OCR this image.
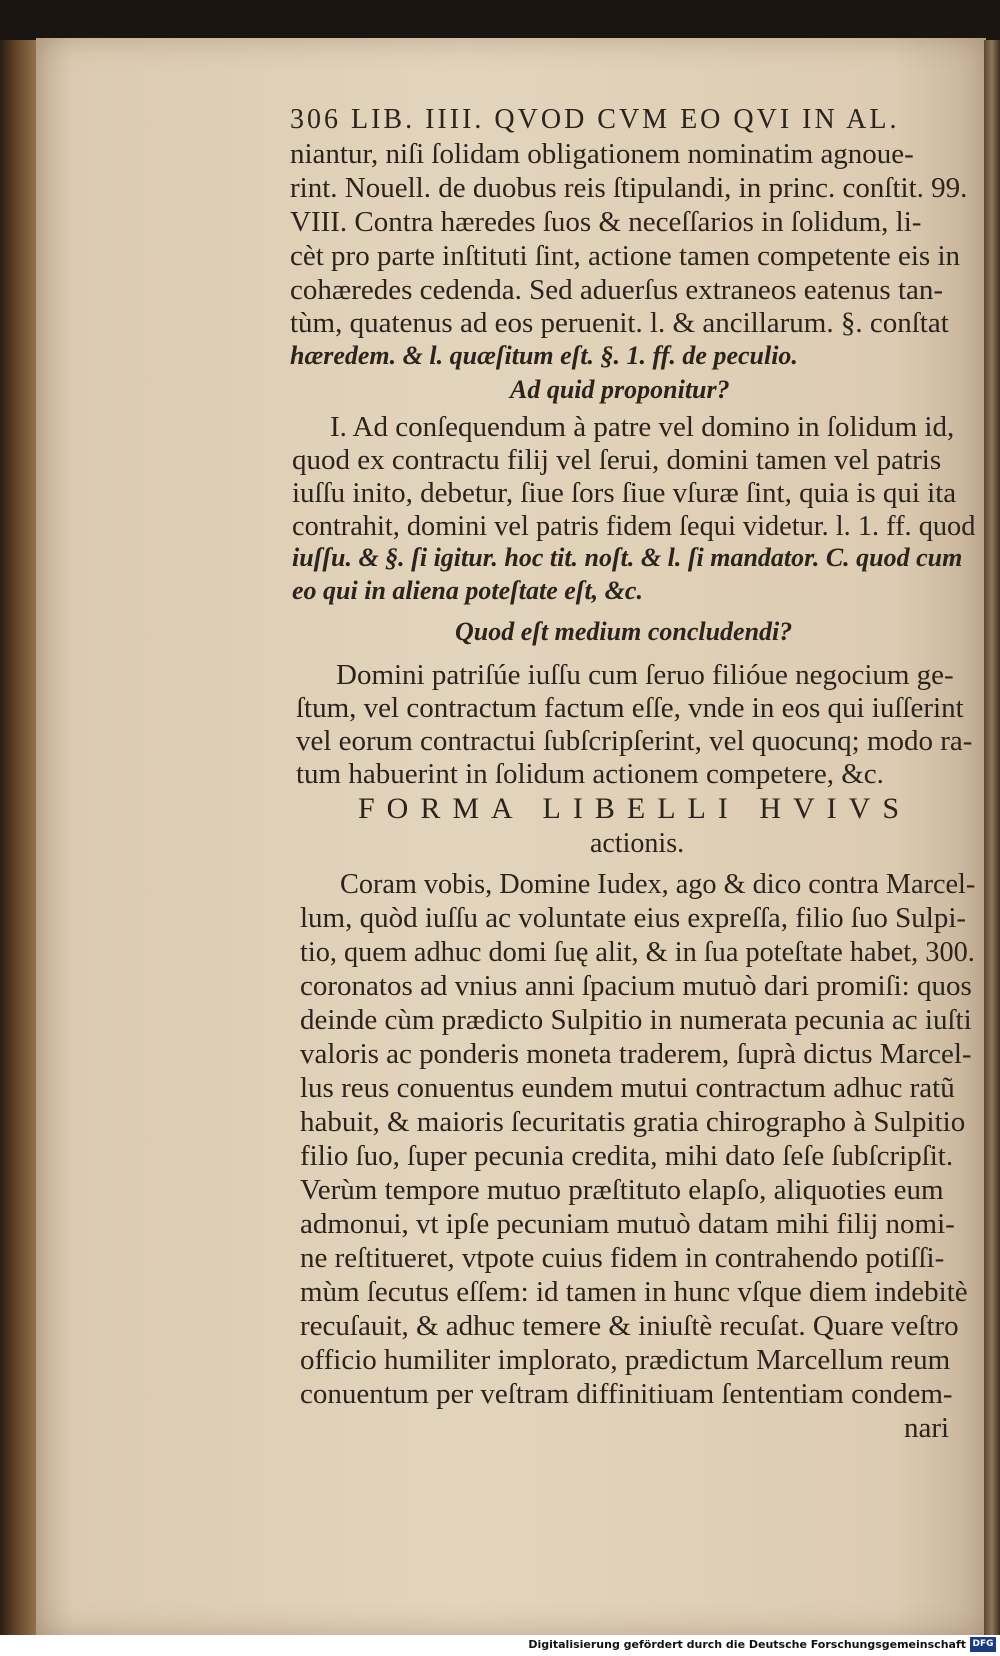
306 LIB. IIII. QVOD CVM EO QVI IN AL.
niantur, niſi ſolidam obligationem nominatim agnoue-
rint. Nouell. de duobus reis ſtipulandi, in princ. conſtit. 99.
VIII. Contra hæredes ſuos & neceſſarios in ſolidum, li-
cèt pro parte inſtituti ſint, actione tamen competente eis in
cohæredes cedenda. Sed aduerſus extraneos eatenus tan-
tùm, quatenus ad eos peruenit. l. & ancillarum. §. conſtat
hæredem. & l. quæſitum eſt. §. 1. ff. de peculio.
Ad quid proponitur?
I. Ad conſequendum à patre vel domino in ſolidum id,
quod ex contractu filij vel ſerui, domini tamen vel patris
iuſſu inito, debetur, ſiue ſors ſiue vſuræ ſint, quia is qui ita
contrahit, domini vel patris fidem ſequi videtur. l. 1. ff. quod
iuſſu. & §. ſi igitur. hoc tit. noſt. & l. ſi mandator. C. quod cum
eo qui in aliena poteſtate eſt, &c.
Quod eſt medium concludendi?
Domini patriſúe iuſſu cum ſeruo filióue negocium ge-
ſtum, vel contractum factum eſſe, vnde in eos qui iuſſerint
vel eorum contractui ſubſcripſerint, vel quocunq; modo ra-
tum habuerint in ſolidum actionem competere, &c.
FORMA LIBELLI HVIVS
actionis.
Coram vobis, Domine Iudex, ago & dico contra Marcel-
lum, quòd iuſſu ac voluntate eius expreſſa, filio ſuo Sulpi-
tio, quem adhuc domi ſuę alit, & in ſua poteſtate habet, 300.
coronatos ad vnius anni ſpacium mutuò dari promiſi: quos
deinde cùm prædicto Sulpitio in numerata pecunia ac iuſti
valoris ac ponderis moneta traderem, ſuprà dictus Marcel-
lus reus conuentus eundem mutui contractum adhuc ratũ
habuit, & maioris ſecuritatis gratia chirographo à Sulpitio
filio ſuo, ſuper pecunia credita, mihi dato ſeſe ſubſcripſit.
Verùm tempore mutuo præſtituto elapſo, aliquoties eum
admonui, vt ipſe pecuniam mutuò datam mihi filij nomi-
ne reſtitueret, vtpote cuius fidem in contrahendo potiſſi-
mùm ſecutus eſſem: id tamen in hunc vſque diem indebitè
recuſauit, & adhuc temere & iniuſtè recuſat. Quare veſtro
officio humiliter implorato, prædictum Marcellum reum
conuentum per veſtram diffinitiuam ſententiam condem-
nari
Digitalisierung gefördert durch die Deutsche Forschungsgemeinschaft DFG
